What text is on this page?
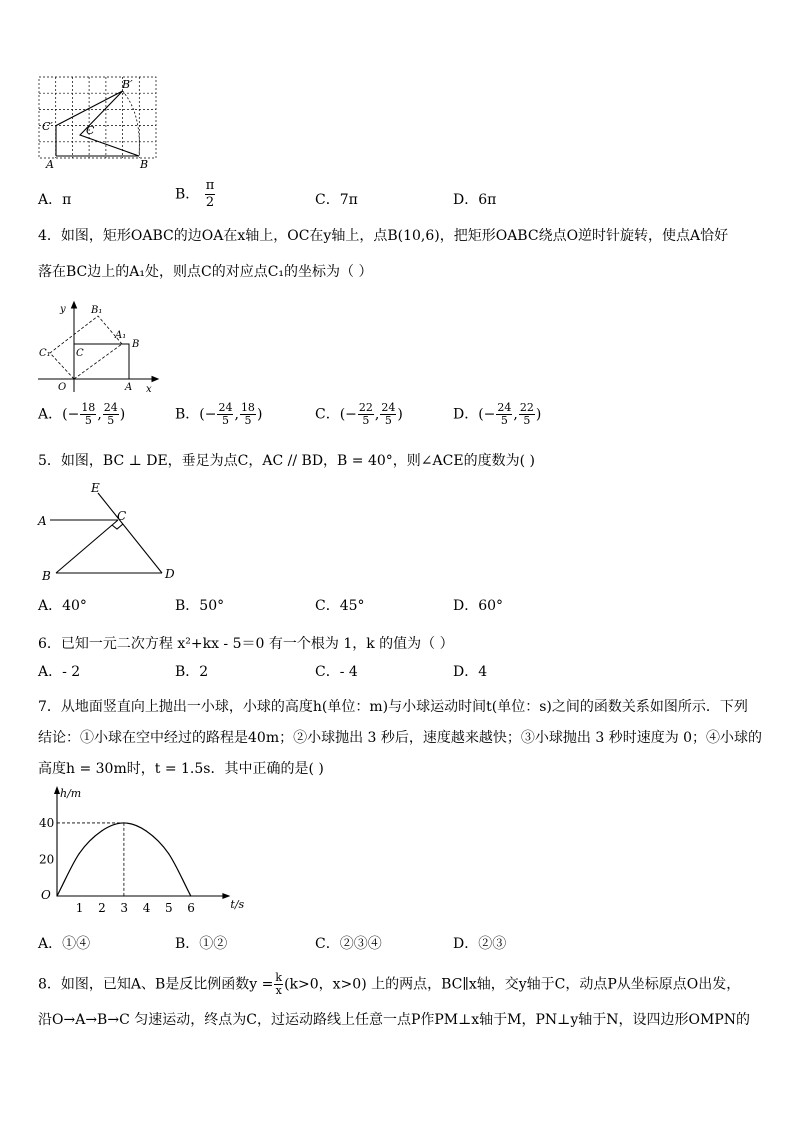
B′
C′	C
A	B
A．π	B． $\frac{\pi}{2}$	C．7π	D．6π
4．如图，矩形OABC的边OA在x轴上，OC在y轴上，点B(10,6)，把矩形OABC绕点O逆时针旋转，使点A恰好
落在BC边上的A₁处，则点C的对应点C₁的坐标为（ ）
y
x
O	A
B
C
A₁
B₁
C₁
A．(− $\frac{18}{5}$ , $\frac{24}{5}$ )	B．(− $\frac{24}{5}$ , $\frac{18}{5}$ )	C．(− $\frac{22}{5}$ , $\frac{24}{5}$ )	D．(− $\frac{24}{5}$ , $\frac{22}{5}$ )
5．如图，BC ⊥ DE，垂足为点C，AC // BD，B = 40°，则∠ACE的度数为( )
E
A	C
B	D
A．40°	B．50°	C．45°	D．60°
6．已知一元二次方程 x²+kx - 5＝0 有一个根为 1，k 的值为（ ）
A．- 2	B．2	C．- 4	D．4
7．从地面竖直向上抛出一小球，小球的高度h(单位：m)与小球运动时间t(单位：s)之间的函数关系如图所示．下列
结论：①小球在空中经过的路程是40m；②小球抛出 3 秒后，速度越来越快；③小球抛出 3 秒时速度为 0；④小球的
高度h = 30m时，t = 1.5s．其中正确的是( )
h/m
t/s
O
1 2 3 4 5 6
20
40
A．①④	B．①②	C．②③④	D．②③
8．如图，已知A、B是反比例函数$y = \frac{k}{x} (k>0$，x>0) 上的两点，BC∥x轴，交y轴于C，动点P从坐标原点O出发，
沿O→A→B→C 匀速运动，终点为C，过运动路线上任意一点P作PM⊥x轴于M，PN⊥y轴于N，设四边形OMPN的
